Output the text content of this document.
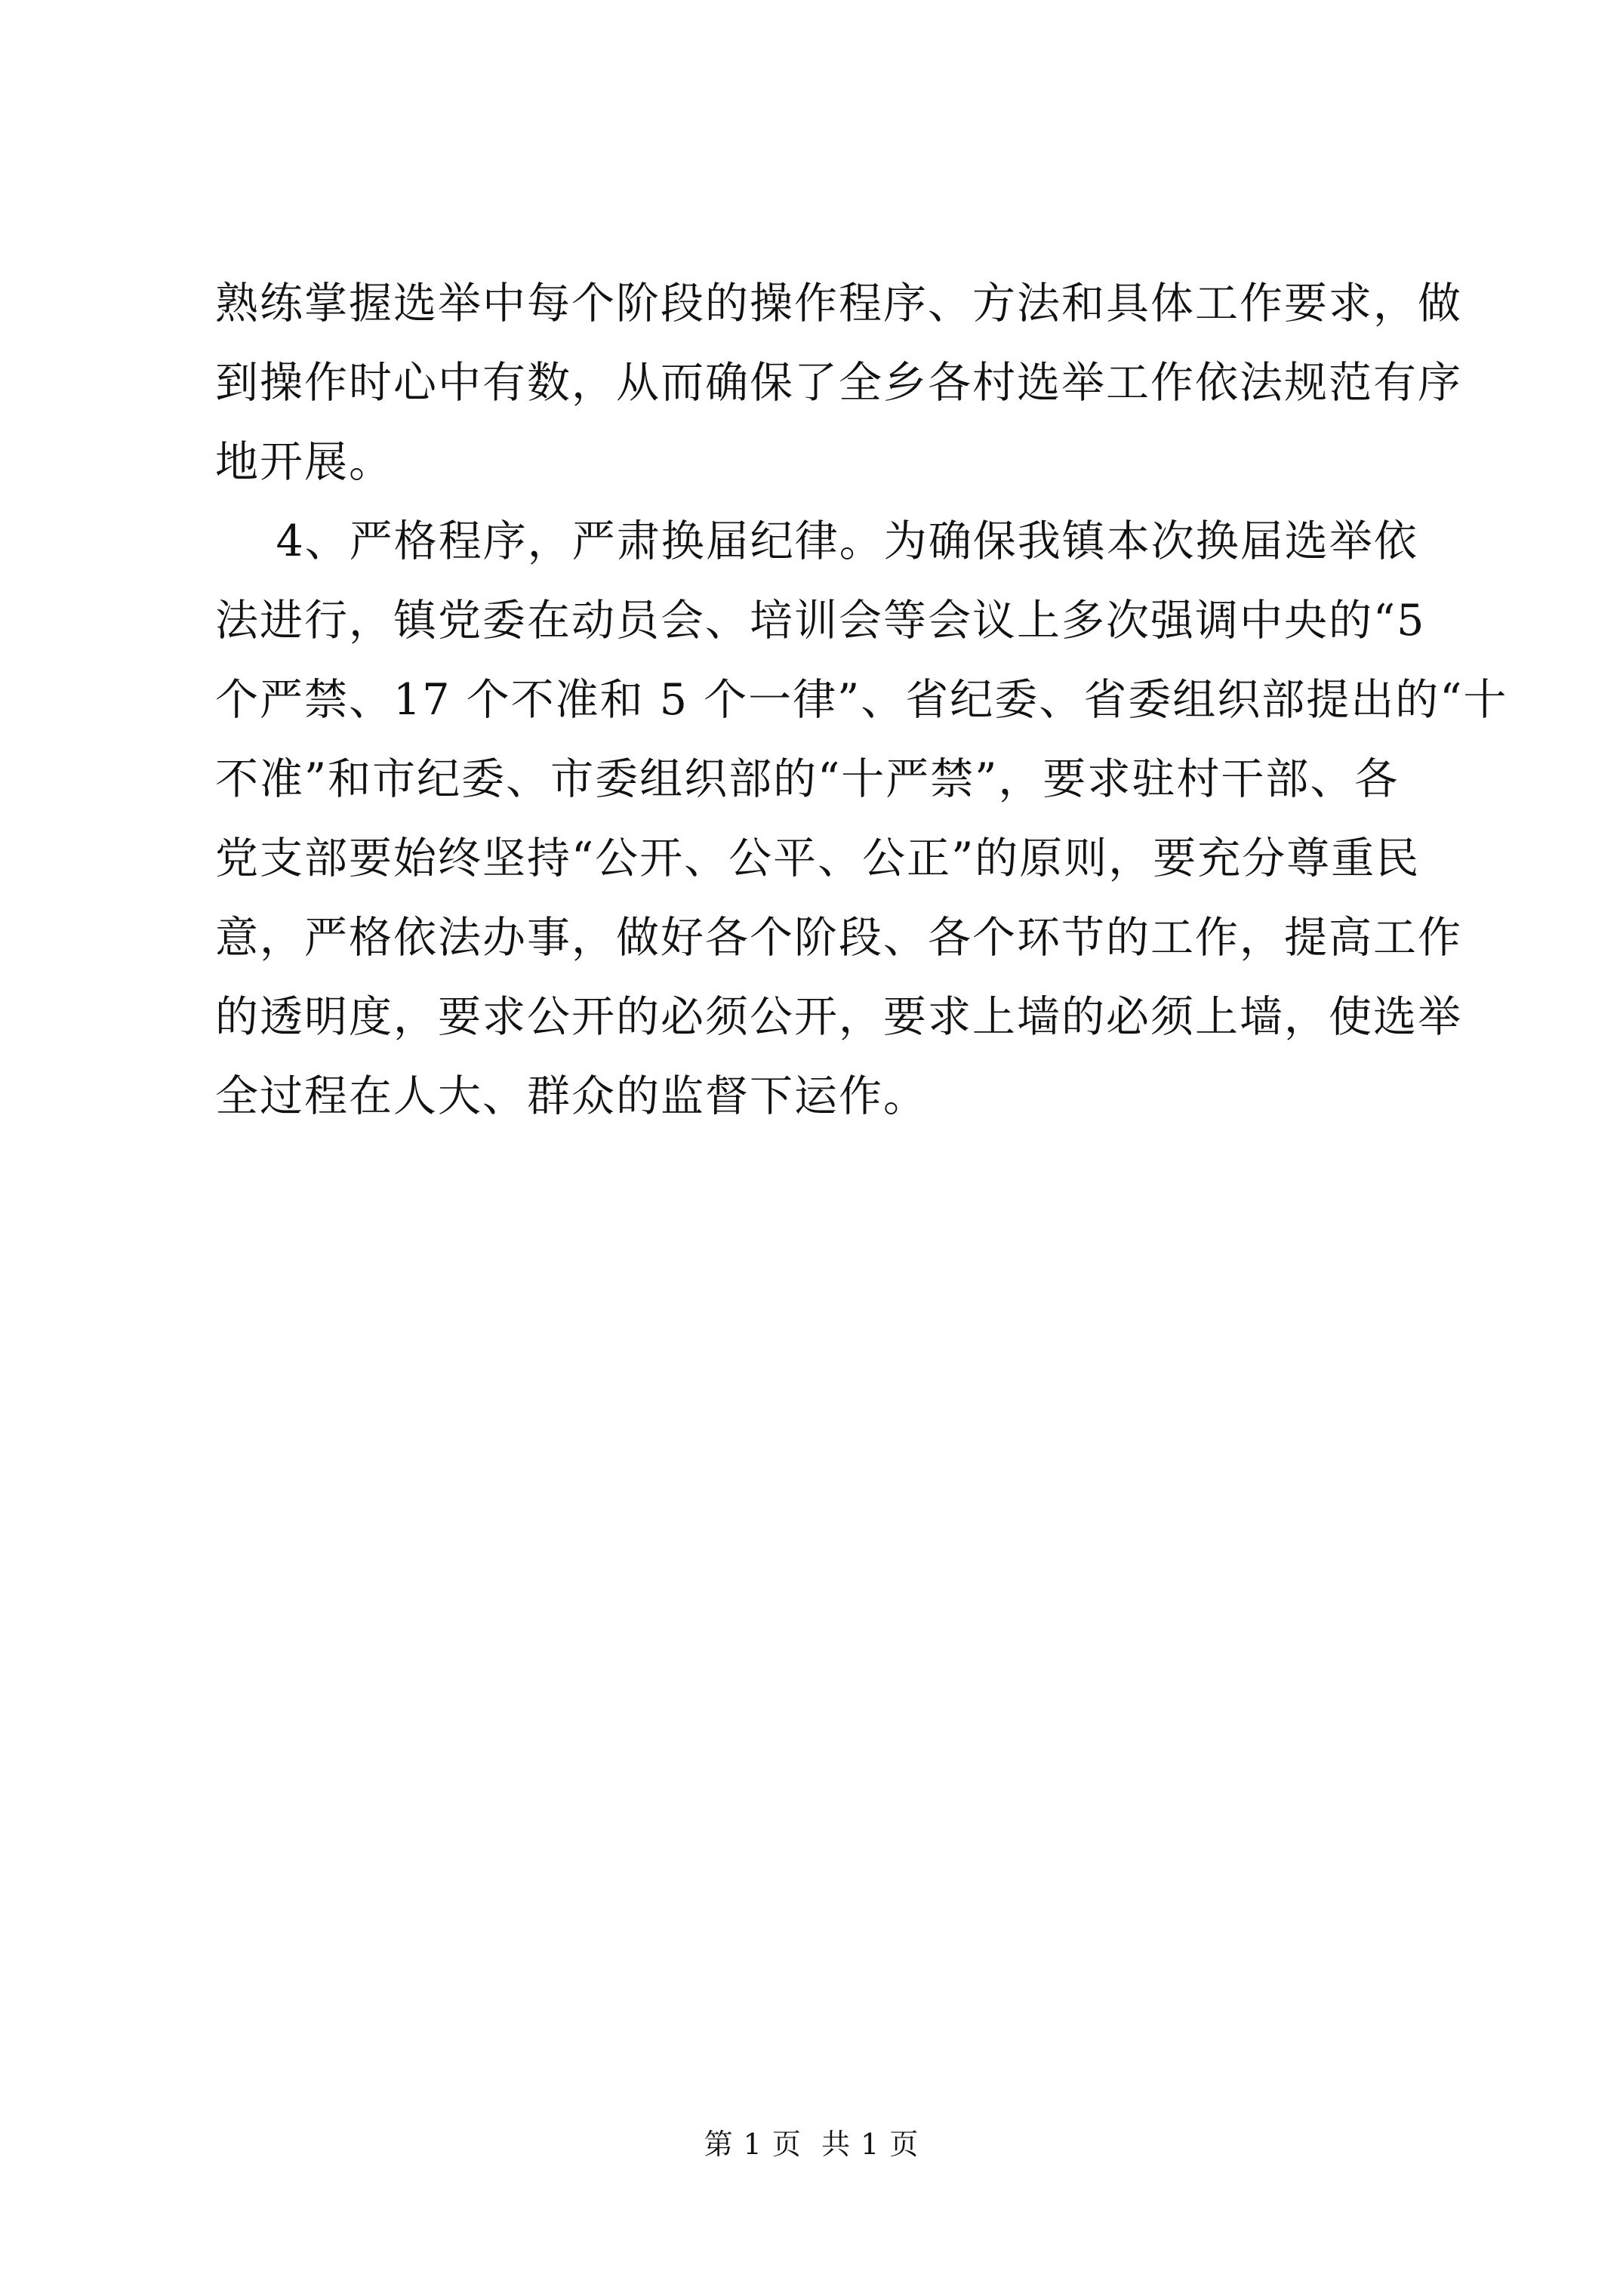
熟练掌握选举中每个阶段的操作程序、方法和具体工作要求，做
到操作时心中有数，从而确保了全乡各村选举工作依法规范有序
地开展。
4、严格程序，严肃换届纪律。为确保我镇本次换届选举依
法进行，镇党委在动员会、培训会等会议上多次强调中央的“5
个严禁、17 个不准和 5 个一律”、省纪委、省委组织部提出的“十
不准”和市纪委、市委组织部的“十严禁”，要求驻村干部、各
党支部要始终坚持“公开、公平、公正”的原则，要充分尊重民
意，严格依法办事，做好各个阶段、各个环节的工作，提高工作
的透明度，要求公开的必须公开，要求上墙的必须上墙，使选举
全过程在人大、群众的监督下运作。
第 1 页  共 1 页
